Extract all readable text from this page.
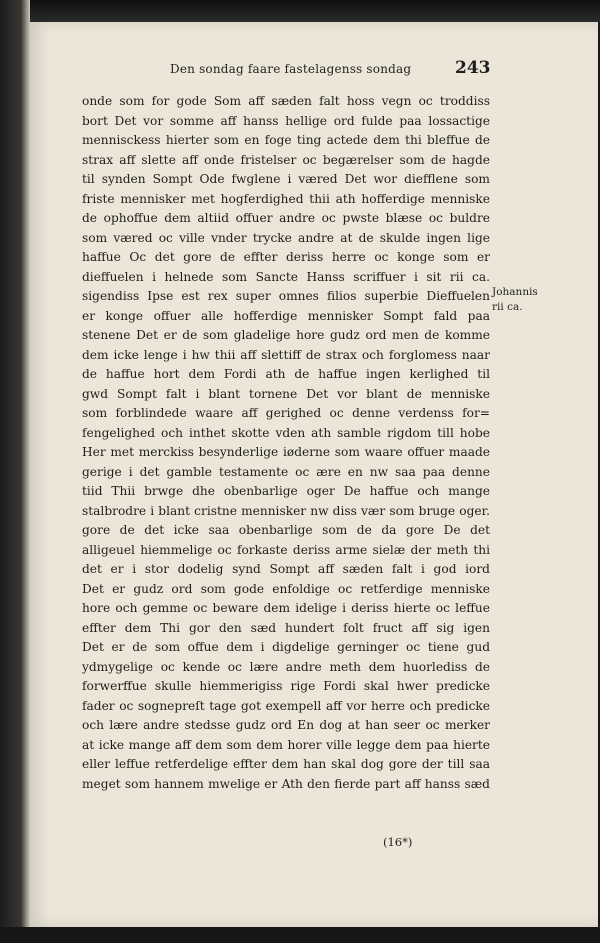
Den sondag faare fastelagenss sondag	243
onde som for gode Som aff sæden falt hoss vegn oc troddiss
bort Det vor somme aff hanss hellige ord fulde paa lossactige
mennisckess hierter som en foge ting actede dem thi bleffue de
strax aff slette aff onde fristelser oc begærelser som de hagde
til synden Sompt Ode fwglene i væred Det wor diefflene som
friste mennisker met hogferdighed thii ath hofferdige menniske
de ophoffue dem altiid offuer andre oc pwste blæse oc buldre
som væred oc ville vnder trycke andre at de skulde ingen lige
haffue Oc det gore de effter deriss herre oc konge som er
dieffuelen i helnede som Sancte Hanss scriffuer i sit rii ca.
sigendiss Ipse est rex super omnes filios superbie Dieffuelen
er konge offuer alle hofferdige mennisker Sompt fald paa
stenene Det er de som gladelige hore gudz ord men de komme
dem icke lenge i hw thii aff slettiff de strax och forglomess naar
de haffue hort dem Fordi ath de haffue ingen kerlighed til
gwd Sompt falt i blant tornene Det vor blant de menniske
som forblindede waare aff gerighed oc denne verdenss for=
fengelighed och inthet skotte vden ath samble rigdom till hobe
Her met merckiss besynderlige iøderne som waare offuer maade
gerige i det gamble testamente oc ære en nw saa paa denne
tiid Thii brwge dhe obenbarlige oger De haffue och mange
stalbrodre i blant cristne mennisker nw diss vær som bruge oger.
gore de det icke saa obenbarlige som de da gore De det
alligeuel hiemmelige oc forkaste deriss arme sielæ der meth thi
det er i stor dodelig synd Sompt aff sæden falt i god iord
Det er gudz ord som gode enfoldige oc retferdige menniske
hore och gemme oc beware dem idelige i deriss hierte oc leffue
effter dem Thi gor den sæd hundert folt fruct aff sig igen
Det er de som offue dem i digdelige gerninger oc tiene gud
ydmygelige oc kende oc lære andre meth dem huorlediss de
forwerffue skulle hiemmerigiss rige Fordi skal hwer predicke
fader oc sognepreſt tage got exempell aff vor herre och predicke
och lære andre stedsse gudz ord En dog at han seer oc merker
at icke mange aff dem som dem horer ville legge dem paa hierte
eller leffue retferdelige effter dem han skal dog gore der till saa
meget som hannem mwelige er Ath den fierde part aff hanss sæd
Johannis
rii ca.
(16*)
